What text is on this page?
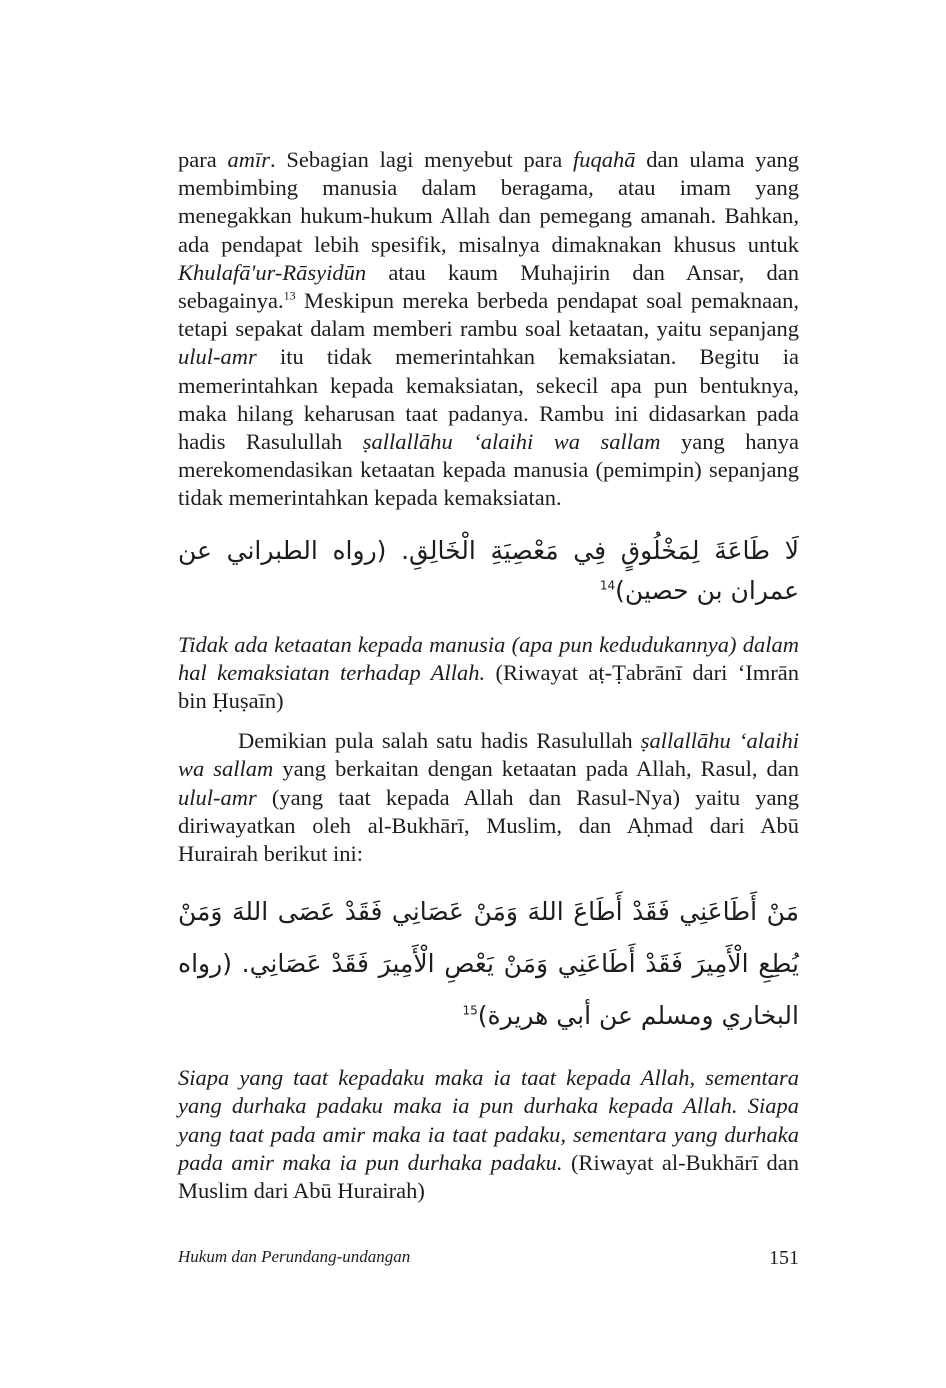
para amīr. Sebagian lagi menyebut para fuqahā dan ulama yang membimbing manusia dalam beragama, atau imam yang menegakkan hukum-hukum Allah dan pemegang amanah. Bahkan, ada pendapat lebih spesifik, misalnya dimaknakan khusus untuk Khulafā'ur-Rāsyidūn atau kaum Muhajirin dan Ansar, dan sebagainya.$^{13}$ Meskipun mereka berbeda pendapat soal pemaknaan, tetapi sepakat dalam memberi rambu soal ketaatan, yaitu sepanjang ulul-amr itu tidak memerintahkan kemaksiatan. Begitu ia memerintahkan kepada kemaksiatan, sekecil apa pun bentuknya, maka hilang keharusan taat padanya. Rambu ini didasarkan pada hadis Rasulullah ṣallallāhu ‘alaihi wa sallam yang hanya merekomendasikan ketaatan kepada manusia (pemimpin) sepanjang tidak memerintahkan kepada kemaksiatan.

لَا طَاعَةَ لِمَخْلُوقٍ فِي مَعْصِيَةِ الْخَالِقِ. (رواه الطبراني عن عمران بن حصين)$^{14}$

Tidak ada ketaatan kepada manusia (apa pun kedudukannya) dalam hal kemaksiatan terhadap Allah. (Riwayat aṭ-Ṭabrānī dari ‘Imrān bin Ḥuṣaīn)

Demikian pula salah satu hadis Rasulullah ṣallallāhu ‘alaihi wa sallam yang berkaitan dengan ketaatan pada Allah, Rasul, dan ulul-amr (yang taat kepada Allah dan Rasul-Nya) yaitu yang diriwayatkan oleh al-Bukhārī, Muslim, dan Aḥmad dari Abū Hurairah berikut ini:

مَنْ أَطَاعَنِي فَقَدْ أَطَاعَ اللهَ وَمَنْ عَصَانِي فَقَدْ عَصَى اللهَ وَمَنْ يُطِعِ الْأَمِيرَ فَقَدْ أَطَاعَنِي وَمَنْ يَعْصِ الْأَمِيرَ فَقَدْ عَصَانِي. (رواه البخاري ومسلم عن أبي هريرة)$^{15}$

Siapa yang taat kepadaku maka ia taat kepada Allah, sementara yang durhaka padaku maka ia pun durhaka kepada Allah. Siapa yang taat pada amir maka ia taat padaku, sementara yang durhaka pada amir maka ia pun durhaka padaku. (Riwayat al-Bukhārī dan Muslim dari Abū Hurairah)

Hukum dan Perundang-undangan	151
